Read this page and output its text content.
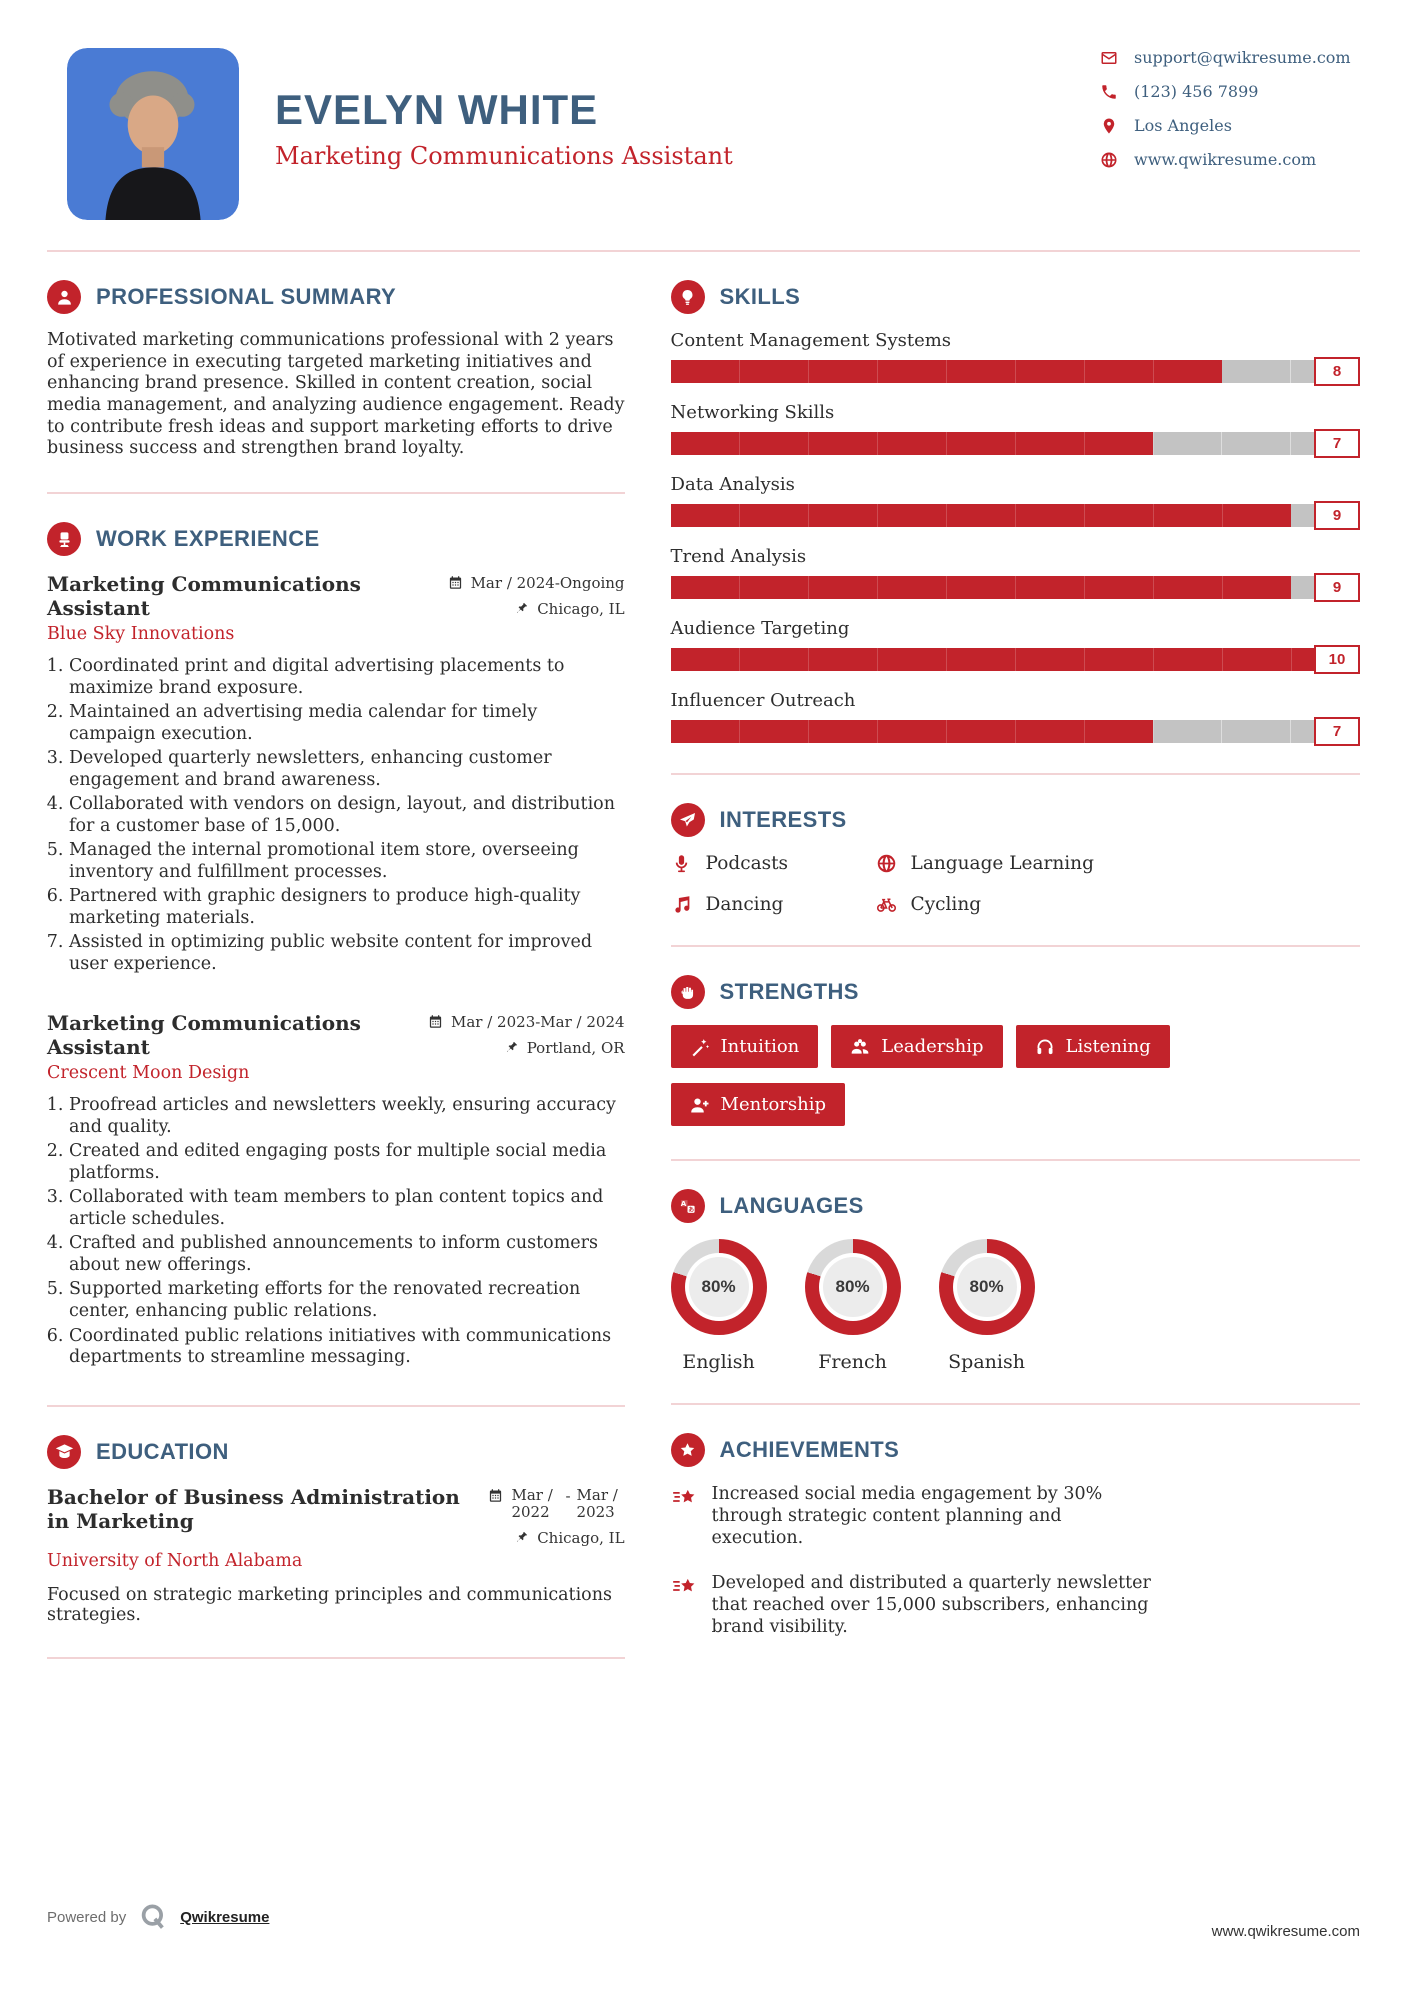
EVELYN WHITE
Marketing Communications Assistant
support@qwikresume.com
(123) 456 7899
Los Angeles
www.qwikresume.com
PROFESSIONAL SUMMARY

Motivated marketing communications professional with 2 years of experience in executing targeted marketing initiatives and enhancing brand presence. Skilled in content creation, social media management, and analyzing audience engagement. Ready to contribute fresh ideas and support marketing efforts to drive business success and strengthen brand loyalty.

WORK EXPERIENCE
Marketing Communications Assistant
Mar / 2024-Ongoing
Chicago, IL
Blue Sky Innovations
1. Coordinated print and digital advertising placements to maximize brand exposure.
2. Maintained an advertising media calendar for timely campaign execution.
3. Developed quarterly newsletters, enhancing customer engagement and brand awareness.
4. Collaborated with vendors on design, layout, and distribution for a customer base of 15,000.
5. Managed the internal promotional item store, overseeing inventory and fulfillment processes.
6. Partnered with graphic designers to produce high-quality marketing materials.
7. Assisted in optimizing public website content for improved user experience.
Marketing Communications Assistant
Mar / 2023-Mar / 2024
Portland, OR
Crescent Moon Design
1. Proofread articles and newsletters weekly, ensuring accuracy and quality.
2. Created and edited engaging posts for multiple social media platforms.
3. Collaborated with team members to plan content topics and article schedules.
4. Crafted and published announcements to inform customers about new offerings.
5. Supported marketing efforts for the renovated recreation center, enhancing public relations.
6. Coordinated public relations initiatives with communications departments to streamline messaging.
EDUCATION
Bachelor of Business Administration in Marketing
Mar / 2022
- Mar / 2023
Chicago, IL
University of North Alabama

Focused on strategic marketing principles and communications strategies.

SKILLS
Content Management Systems
8
Networking Skills
7
Data Analysis
9
Trend Analysis
9
Audience Targeting
10
Influencer Outreach
7
INTERESTS
Podcasts	Language Learning
Dancing	Cycling
STRENGTHS
Intuition	Leadership	Listening
Mentorship
A
あ LANGUAGES
80%
English
80%
French
80%
Spanish
ACHIEVEMENTS

Increased social media engagement by 30% through strategic content planning and execution.

Developed and distributed a quarterly newsletter that reached over 15,000 subscribers, enhancing brand visibility.

Powered by	Qwikresume
www.qwikresume.com
